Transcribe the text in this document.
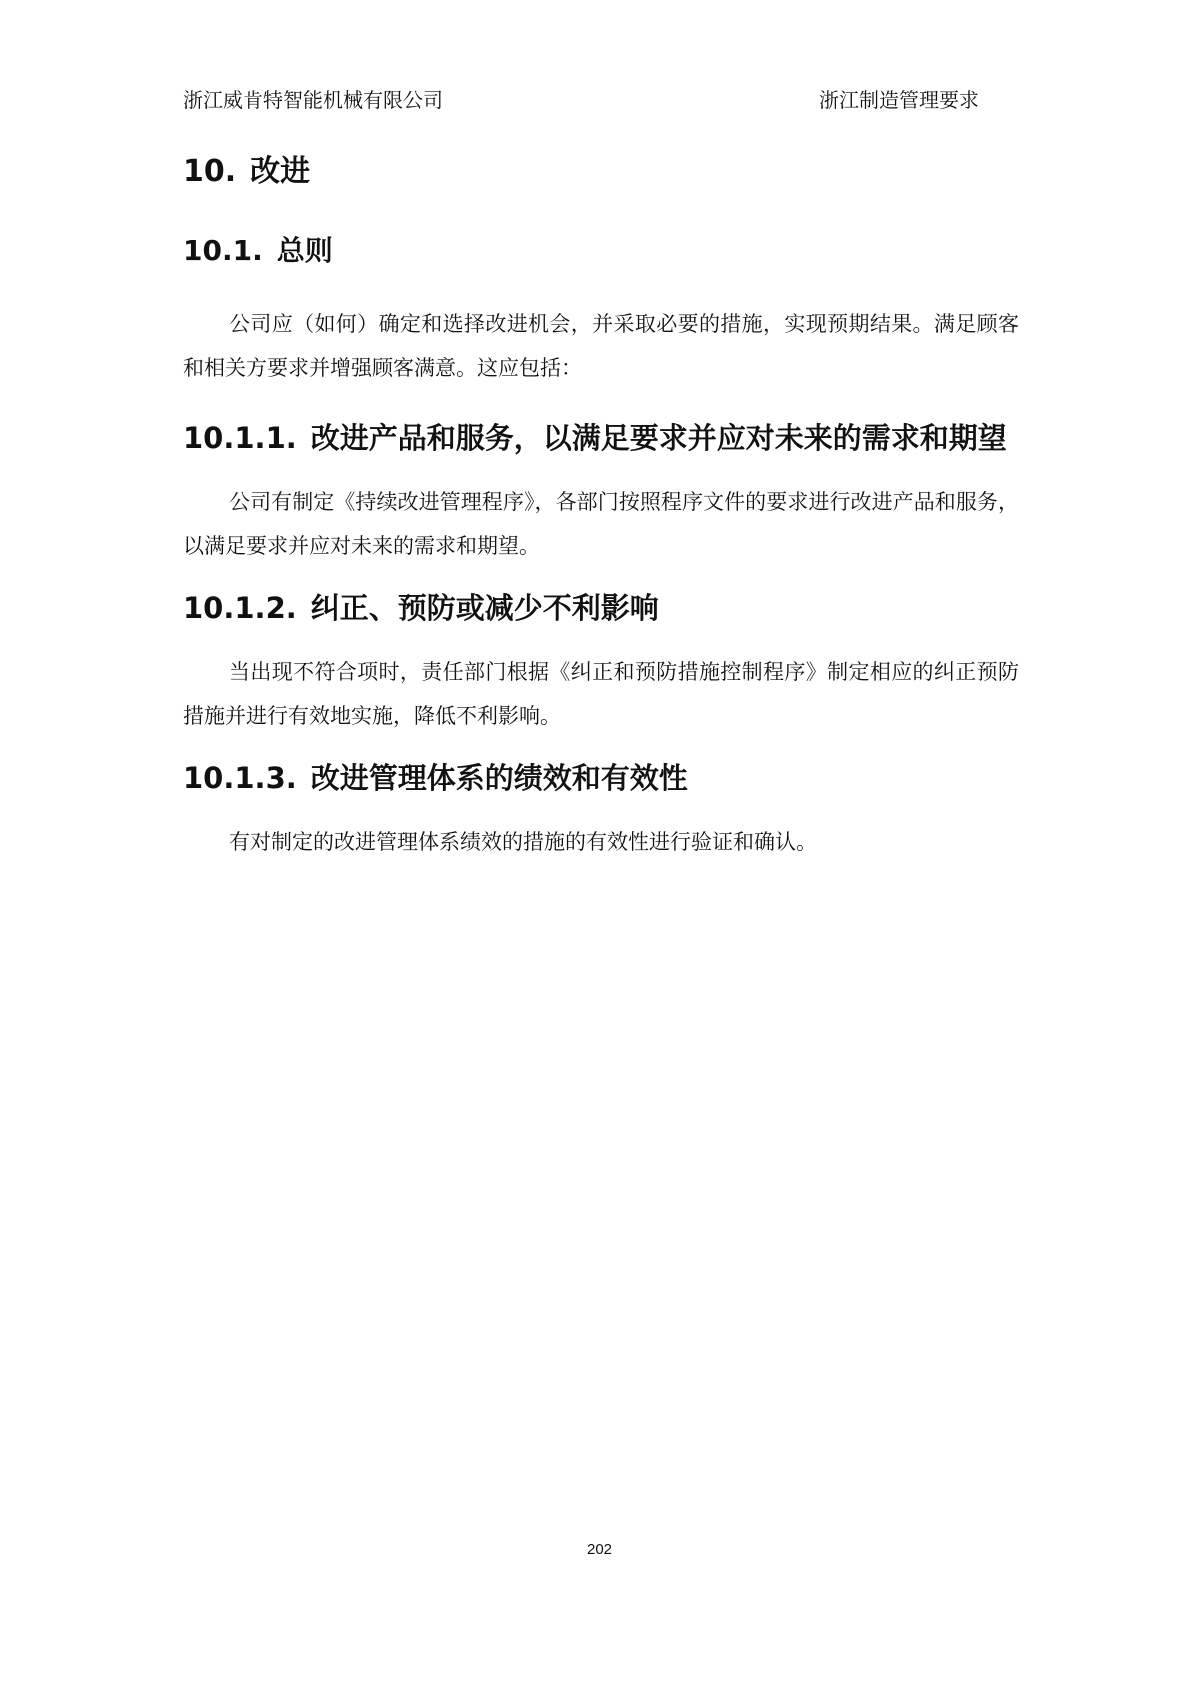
浙江威肯特智能机械有限公司	浙江制造管理要求
10. 改进
10.1. 总则

公司应（如何）确定和选择改进机会，并采取必要的措施，实现预期结果。满足顾客和相关方要求并增强顾客满意。这应包括：

10.1.1. 改进产品和服务，以满足要求并应对未来的需求和期望

公司有制定《持续改进管理程序》，各部门按照程序文件的要求进行改进产品和服务，以满足要求并应对未来的需求和期望。

10.1.2. 纠正、预防或减少不利影响

当出现不符合项时，责任部门根据《纠正和预防措施控制程序》制定相应的纠正预防措施并进行有效地实施，降低不利影响。

10.1.3. 改进管理体系的绩效和有效性

有对制定的改进管理体系绩效的措施的有效性进行验证和确认。

202
